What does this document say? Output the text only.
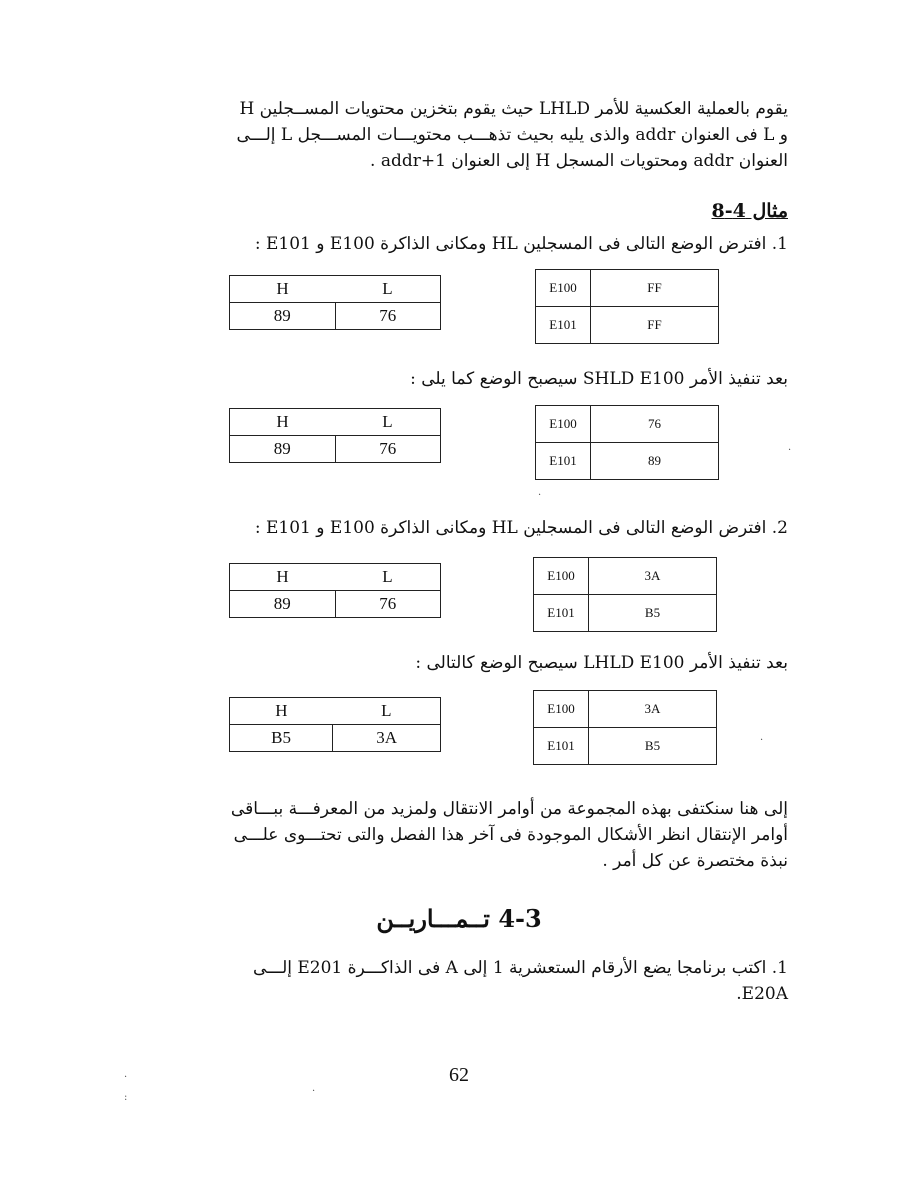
يقوم بالعملية العكسية للأمر LHLD حيث يقوم بتخزين محتويات المســجلين H

و L فى العنوان addr والذى يليه بحيث تذهـــب محتويـــات المســـجل L إلـــى

العنوان addr ومحتويات المسجل H إلى العنوان addr+1 .

مثال 4-8
1. افترض الوضع التالى فى المسجلين HL ومكانى الذاكرة E100 و E101 :
H	L
89	76
E100	FF
E101	FF
بعد تنفيذ الأمر SHLD E100 سيصبح الوضع كما يلى :
H	L
89	76
E100	76
E101	89
2. افترض الوضع التالى فى المسجلين HL ومكانى الذاكرة E100 و E101 :
H	L
89	76
E100	3A
E101	B5
بعد تنفيذ الأمر LHLD E100 سيصبح الوضع كالتالى :
H	L
B5	3A
E100	3A
E101	B5

إلى هنا سنكتفى بهذه المجموعة من أوامر الانتقال ولمزيد من المعرفـــة ببـــاقى

أوامر الإنتقال انظر الأشكال الموجودة فى آخر هذا الفصل والتى تحتـــوى علـــى

نبذة مختصرة عن كل أمر .

4-3 تــمـــاريــن

1. اكتب برنامجا يضع الأرقام الستعشرية 1 إلى A فى الذاكـــرة E201 إلـــى

E20A.

62
·
·
·
·
:
·
